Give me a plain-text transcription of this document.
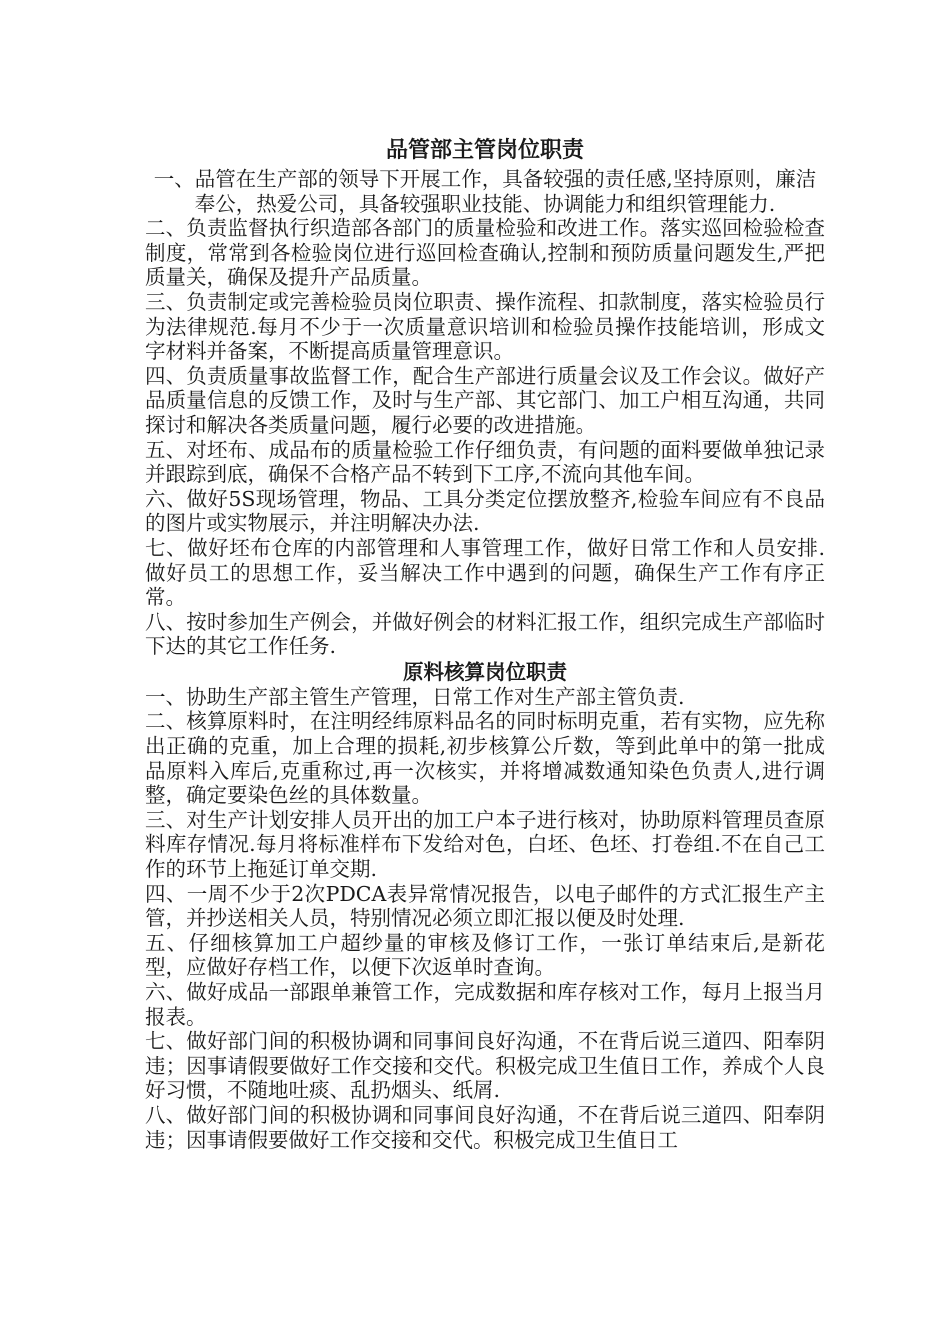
品管部主管岗位职责

一、品管在生产部的领导下开展工作，具备较强的责任感,坚持原则，廉洁奉公，热爱公司，具备较强职业技能、协调能力和组织管理能力.

二、负责监督执行织造部各部门的质量检验和改进工作。落实巡回检验检查制度，常常到各检验岗位进行巡回检查确认,控制和预防质量问题发生,严把质量关，确保及提升产品质量。

三、负责制定或完善检验员岗位职责、操作流程、扣款制度，落实检验员行为法律规范.每月不少于一次质量意识培训和检验员操作技能培训，形成文字材料并备案，不断提高质量管理意识。

四、负责质量事故监督工作，配合生产部进行质量会议及工作会议。做好产品质量信息的反馈工作，及时与生产部、其它部门、加工户相互沟通，共同探讨和解决各类质量问题，履行必要的改进措施。

五、对坯布、成品布的质量检验工作仔细负责，有问题的面料要做单独记录并跟踪到底，确保不合格产品不转到下工序,不流向其他车间。

六、做好5S现场管理，物品、工具分类定位摆放整齐,检验车间应有不良品的图片或实物展示，并注明解决办法.

七、做好坯布仓库的内部管理和人事管理工作，做好日常工作和人员安排.做好员工的思想工作，妥当解决工作中遇到的问题，确保生产工作有序正常。

八、按时参加生产例会，并做好例会的材料汇报工作，组织完成生产部临时下达的其它工作任务.

原料核算岗位职责

一、协助生产部主管生产管理，日常工作对生产部主管负责.

二、核算原料时，在注明经纬原料品名的同时标明克重，若有实物，应先称出正确的克重，加上合理的损耗,初步核算公斤数，等到此单中的第一批成品原料入库后,克重称过,再一次核实，并将增减数通知染色负责人,进行调整，确定要染色丝的具体数量。

三、对生产计划安排人员开出的加工户本子进行核对，协助原料管理员查原料库存情况.每月将标准样布下发给对色，白坯、色坯、打卷组.不在自己工作的环节上拖延订单交期.

四、一周不少于2次PDCA表异常情况报告，以电子邮件的方式汇报生产主管，并抄送相关人员，特别情况必须立即汇报以便及时处理.

五、仔细核算加工户超纱量的审核及修订工作，一张订单结束后,是新花型，应做好存档工作，以便下次返单时查询。

六、做好成品一部跟单兼管工作，完成数据和库存核对工作，每月上报当月报表。

七、做好部门间的积极协调和同事间良好沟通，不在背后说三道四、阳奉阴违；因事请假要做好工作交接和交代。积极完成卫生值日工作，养成个人良好习惯，不随地吐痰、乱扔烟头、纸屑.

八、做好部门间的积极协调和同事间良好沟通，不在背后说三道四、阳奉阴违；因事请假要做好工作交接和交代。积极完成卫生值日工
